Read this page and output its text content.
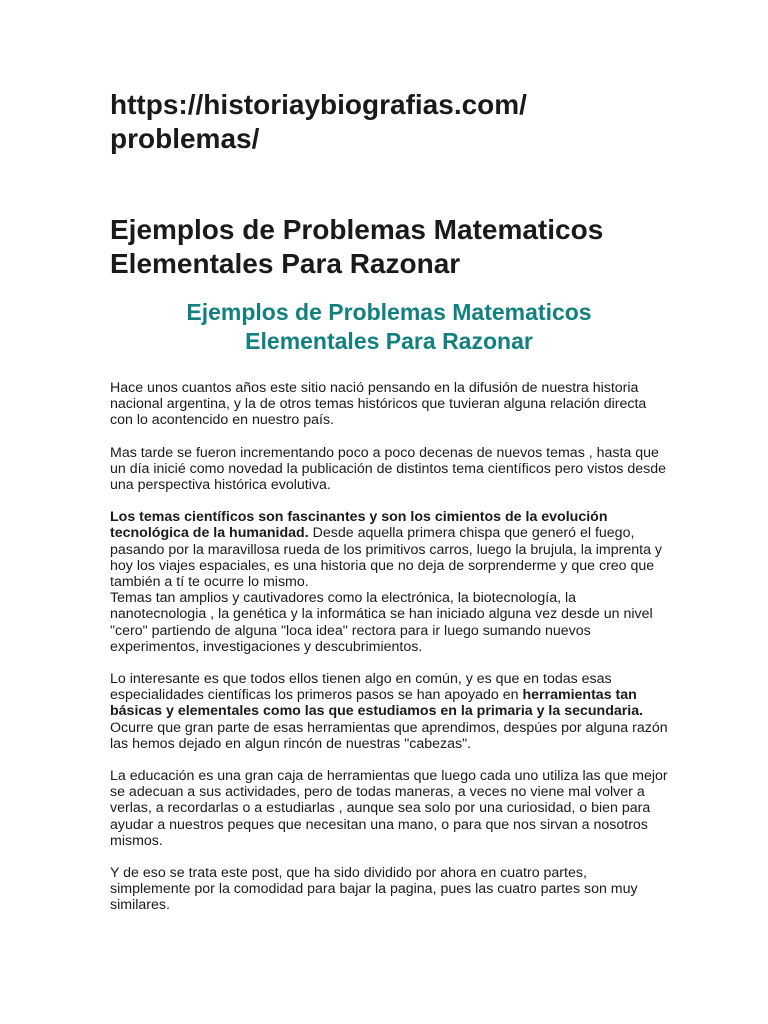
https://historiaybiografias.com/
problemas/
Ejemplos de Problemas Matematicos
Elementales Para Razonar
Ejemplos de Problemas Matematicos
Elementales Para Razonar

Hace unos cuantos años este sitio nació pensando en la difusión de nuestra historia nacional argentina, y la de otros temas históricos que tuvieran alguna relación directa con lo acontencido en nuestro país.

Mas tarde se fueron incrementando poco a poco decenas de nuevos temas , hasta que un día inicié como novedad la publicación de distintos tema científicos pero vistos desde una perspectiva histórica evolutiva.

Los temas científicos son fascinantes y son los cimientos de la evolución tecnológica de la humanidad. Desde aquella primera chispa que generó el fuego, pasando por la maravillosa rueda de los primitivos carros, luego la brujula, la imprenta y hoy los viajes espaciales, es una historia que no deja de sorprenderme y que creo que también a tí te ocurre lo mismo.
Temas tan amplios y cautivadores como la electrónica, la biotecnología, la nanotecnologia , la genética y la informática se han iniciado alguna vez desde un nivel "cero" partiendo de alguna "loca idea" rectora para ir luego sumando nuevos experimentos, investigaciones y descubrimientos.

Lo interesante es que todos ellos tienen algo en común, y es que en todas esas especialidades científicas los primeros pasos se han apoyado en herramientas tan básicas y elementales como las que estudiamos en la primaria y la secundaria.
Ocurre que gran parte de esas herramientas que aprendimos, despúes por alguna razón las hemos dejado en algun rincón de nuestras "cabezas".

La educación es una gran caja de herramientas que luego cada uno utiliza las que mejor se adecuan a sus actividades, pero de todas maneras, a veces no viene mal volver a verlas, a recordarlas o a estudiarlas , aunque sea solo por una curiosidad, o bien para ayudar a nuestros peques que necesitan una mano, o para que nos sirvan a nosotros mismos.

Y de eso se trata este post, que ha sido dividido por ahora en cuatro partes, simplemente por la comodidad para bajar la pagina, pues las cuatro partes son muy similares.
